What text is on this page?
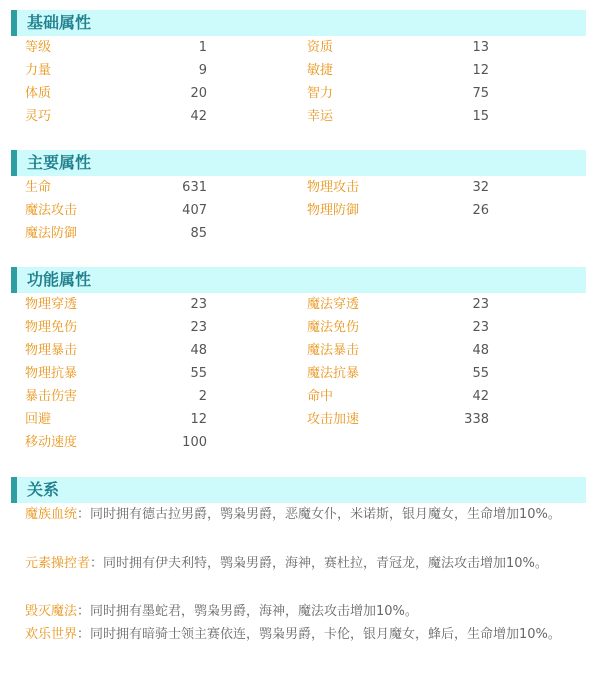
基础属性
等级	1	资质	13
力量	9	敏捷	12
体质	20	智力	75
灵巧	42	幸运	15
主要属性
生命	631	物理攻击	32
魔法攻击	407	物理防御	26
魔法防御	85
功能属性
物理穿透	23	魔法穿透	23
物理免伤	23	魔法免伤	23
物理暴击	48	魔法暴击	48
物理抗暴	55	魔法抗暴	55
暴击伤害	2	命中	42
回避	12	攻击加速	338
移动速度	100
关系
魔族血统：同时拥有德古拉男爵，鹗枭男爵，恶魔女仆，米诺斯，银月魔女，生命增加10%。
元素操控者：同时拥有伊夫利特，鹗枭男爵，海神，赛杜拉，青冠龙，魔法攻击增加10%。
毁灭魔法：同时拥有墨蛇君，鹗枭男爵，海神，魔法攻击增加10%。
欢乐世界：同时拥有暗骑士领主赛依连，鹗枭男爵，卡伦，银月魔女，蜂后，生命增加10%。
